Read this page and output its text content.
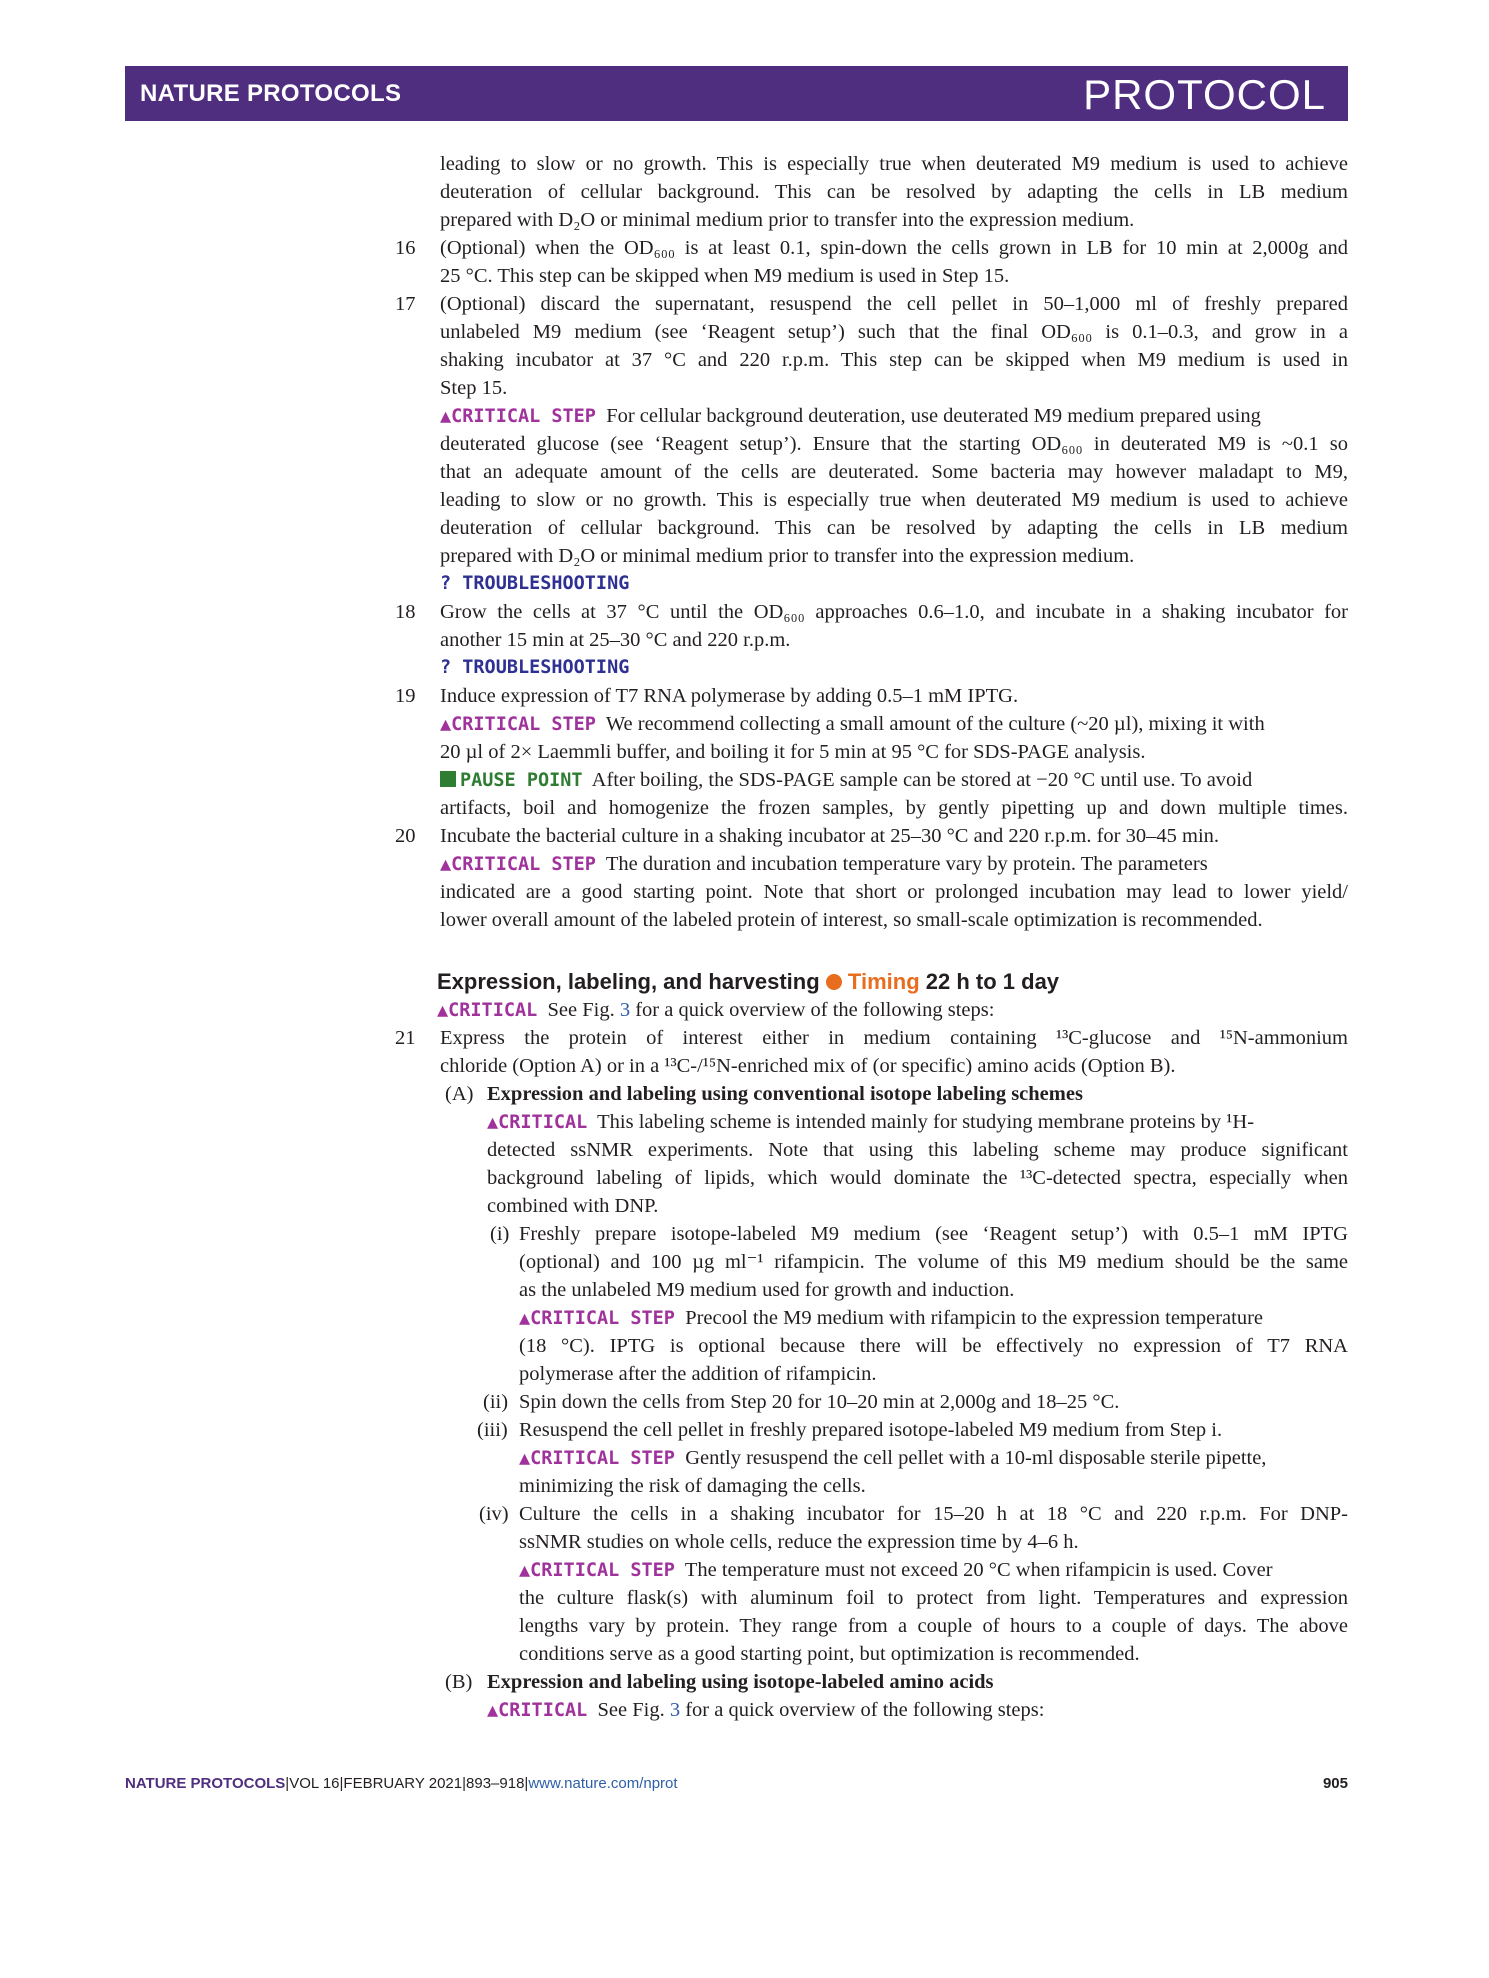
NATURE PROTOCOLS	PROTOCOL
leading to slow or no growth. This is especially true when deuterated M9 medium is used to achieve
deuteration of cellular background. This can be resolved by adapting the cells in LB medium
prepared with D₂O or minimal medium prior to transfer into the expression medium.
16 (Optional) when the OD₆₀₀ is at least 0.1, spin-down the cells grown in LB for 10 min at 2,000g and
25 °C. This step can be skipped when M9 medium is used in Step 15.
17 (Optional) discard the supernatant, resuspend the cell pellet in 50–1,000 ml of freshly prepared
unlabeled M9 medium (see ‘Reagent setup’) such that the final OD₆₀₀ is 0.1–0.3, and grow in a
shaking incubator at 37 °C and 220 r.p.m. This step can be skipped when M9 medium is used in
Step 15.
▲CRITICAL STEP For cellular background deuteration, use deuterated M9 medium prepared using
deuterated glucose (see ‘Reagent setup’). Ensure that the starting OD₆₀₀ in deuterated M9 is ~0.1 so
that an adequate amount of the cells are deuterated. Some bacteria may however maladapt to M9,
leading to slow or no growth. This is especially true when deuterated M9 medium is used to achieve
deuteration of cellular background. This can be resolved by adapting the cells in LB medium
prepared with D₂O or minimal medium prior to transfer into the expression medium.
? TROUBLESHOOTING
18 Grow the cells at 37 °C until the OD₆₀₀ approaches 0.6–1.0, and incubate in a shaking incubator for
another 15 min at 25–30 °C and 220 r.p.m.
? TROUBLESHOOTING
19 Induce expression of T7 RNA polymerase by adding 0.5–1 mM IPTG.
▲CRITICAL STEP We recommend collecting a small amount of the culture (~20 µl), mixing it with
20 µl of 2× Laemmli buffer, and boiling it for 5 min at 95 °C for SDS-PAGE analysis.
PAUSE POINT After boiling, the SDS-PAGE sample can be stored at −20 °C until use. To avoid
artifacts, boil and homogenize the frozen samples, by gently pipetting up and down multiple times.
20 Incubate the bacterial culture in a shaking incubator at 25–30 °C and 220 r.p.m. for 30–45 min.
▲CRITICAL STEP The duration and incubation temperature vary by protein. The parameters
indicated are a good starting point. Note that short or prolonged incubation may lead to lower yield/
lower overall amount of the labeled protein of interest, so small-scale optimization is recommended.
Expression, labeling, and harvesting Timing 22 h to 1 day
▲CRITICAL See Fig. 3 for a quick overview of the following steps:
21 Express the protein of interest either in medium containing ¹³C-glucose and ¹⁵N-ammonium
chloride (Option A) or in a ¹³C-/¹⁵N-enriched mix of (or specific) amino acids (Option B).
(A) Expression and labeling using conventional isotope labeling schemes
▲CRITICAL This labeling scheme is intended mainly for studying membrane proteins by ¹H-
detected ssNMR experiments. Note that using this labeling scheme may produce significant
background labeling of lipids, which would dominate the ¹³C-detected spectra, especially when
combined with DNP.
(i) Freshly prepare isotope-labeled M9 medium (see ‘Reagent setup’) with 0.5–1 mM IPTG
(optional) and 100 µg ml⁻¹ rifampicin. The volume of this M9 medium should be the same
as the unlabeled M9 medium used for growth and induction.
▲CRITICAL STEP Precool the M9 medium with rifampicin to the expression temperature
(18 °C). IPTG is optional because there will be effectively no expression of T7 RNA
polymerase after the addition of rifampicin.
(ii) Spin down the cells from Step 20 for 10–20 min at 2,000g and 18–25 °C.
(iii) Resuspend the cell pellet in freshly prepared isotope-labeled M9 medium from Step i.
▲CRITICAL STEP Gently resuspend the cell pellet with a 10-ml disposable sterile pipette,
minimizing the risk of damaging the cells.
(iv) Culture the cells in a shaking incubator for 15–20 h at 18 °C and 220 r.p.m. For DNP-
ssNMR studies on whole cells, reduce the expression time by 4–6 h.
▲CRITICAL STEP The temperature must not exceed 20 °C when rifampicin is used. Cover
the culture flask(s) with aluminum foil to protect from light. Temperatures and expression
lengths vary by protein. They range from a couple of hours to a couple of days. The above
conditions serve as a good starting point, but optimization is recommended.
(B) Expression and labeling using isotope-labeled amino acids
▲CRITICAL See Fig. 3 for a quick overview of the following steps:
NATURE PROTOCOLS|VOL 16|FEBRUARY 2021|893–918|www.nature.com/nprot	905
